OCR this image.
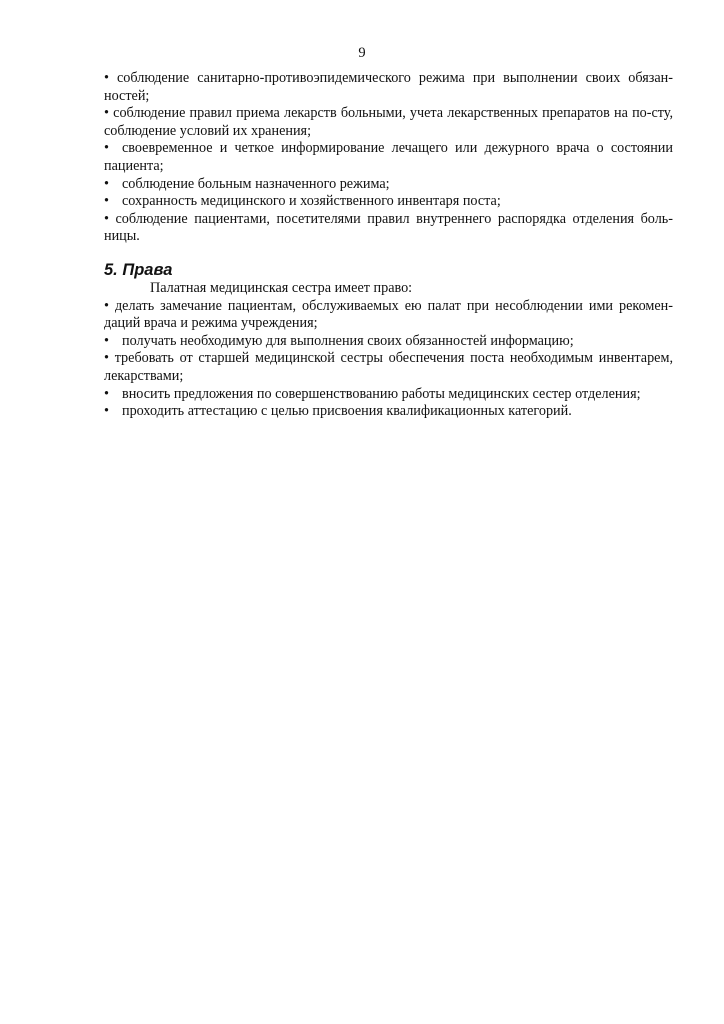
9

• соблюдение санитарно-противоэпидемического режима при выполнении своих обязан-ностей;

• соблюдение правил приема лекарств больными, учета лекарственных препаратов на по-сту, соблюдение условий их хранения;

• своевременное и четкое информирование лечащего или дежурного врача о состоянии пациента;

• соблюдение больным назначенного режима;

• сохранность медицинского и хозяйственного инвентаря поста;

• соблюдение пациентами, посетителями правил внутреннего распорядка отделения боль-ницы.

5. Права

Палатная медицинская сестра имеет право:

• делать замечание пациентам, обслуживаемых ею палат при несоблюдении ими рекомен-даций врача и режима учреждения;

• получать необходимую для выполнения своих обязанностей информацию;

• требовать от старшей медицинской сестры обеспечения поста необходимым инвентарем, лекарствами;

• вносить предложения по совершенствованию работы медицинских сестер отделения;

• проходить аттестацию с целью присвоения квалификационных категорий.
